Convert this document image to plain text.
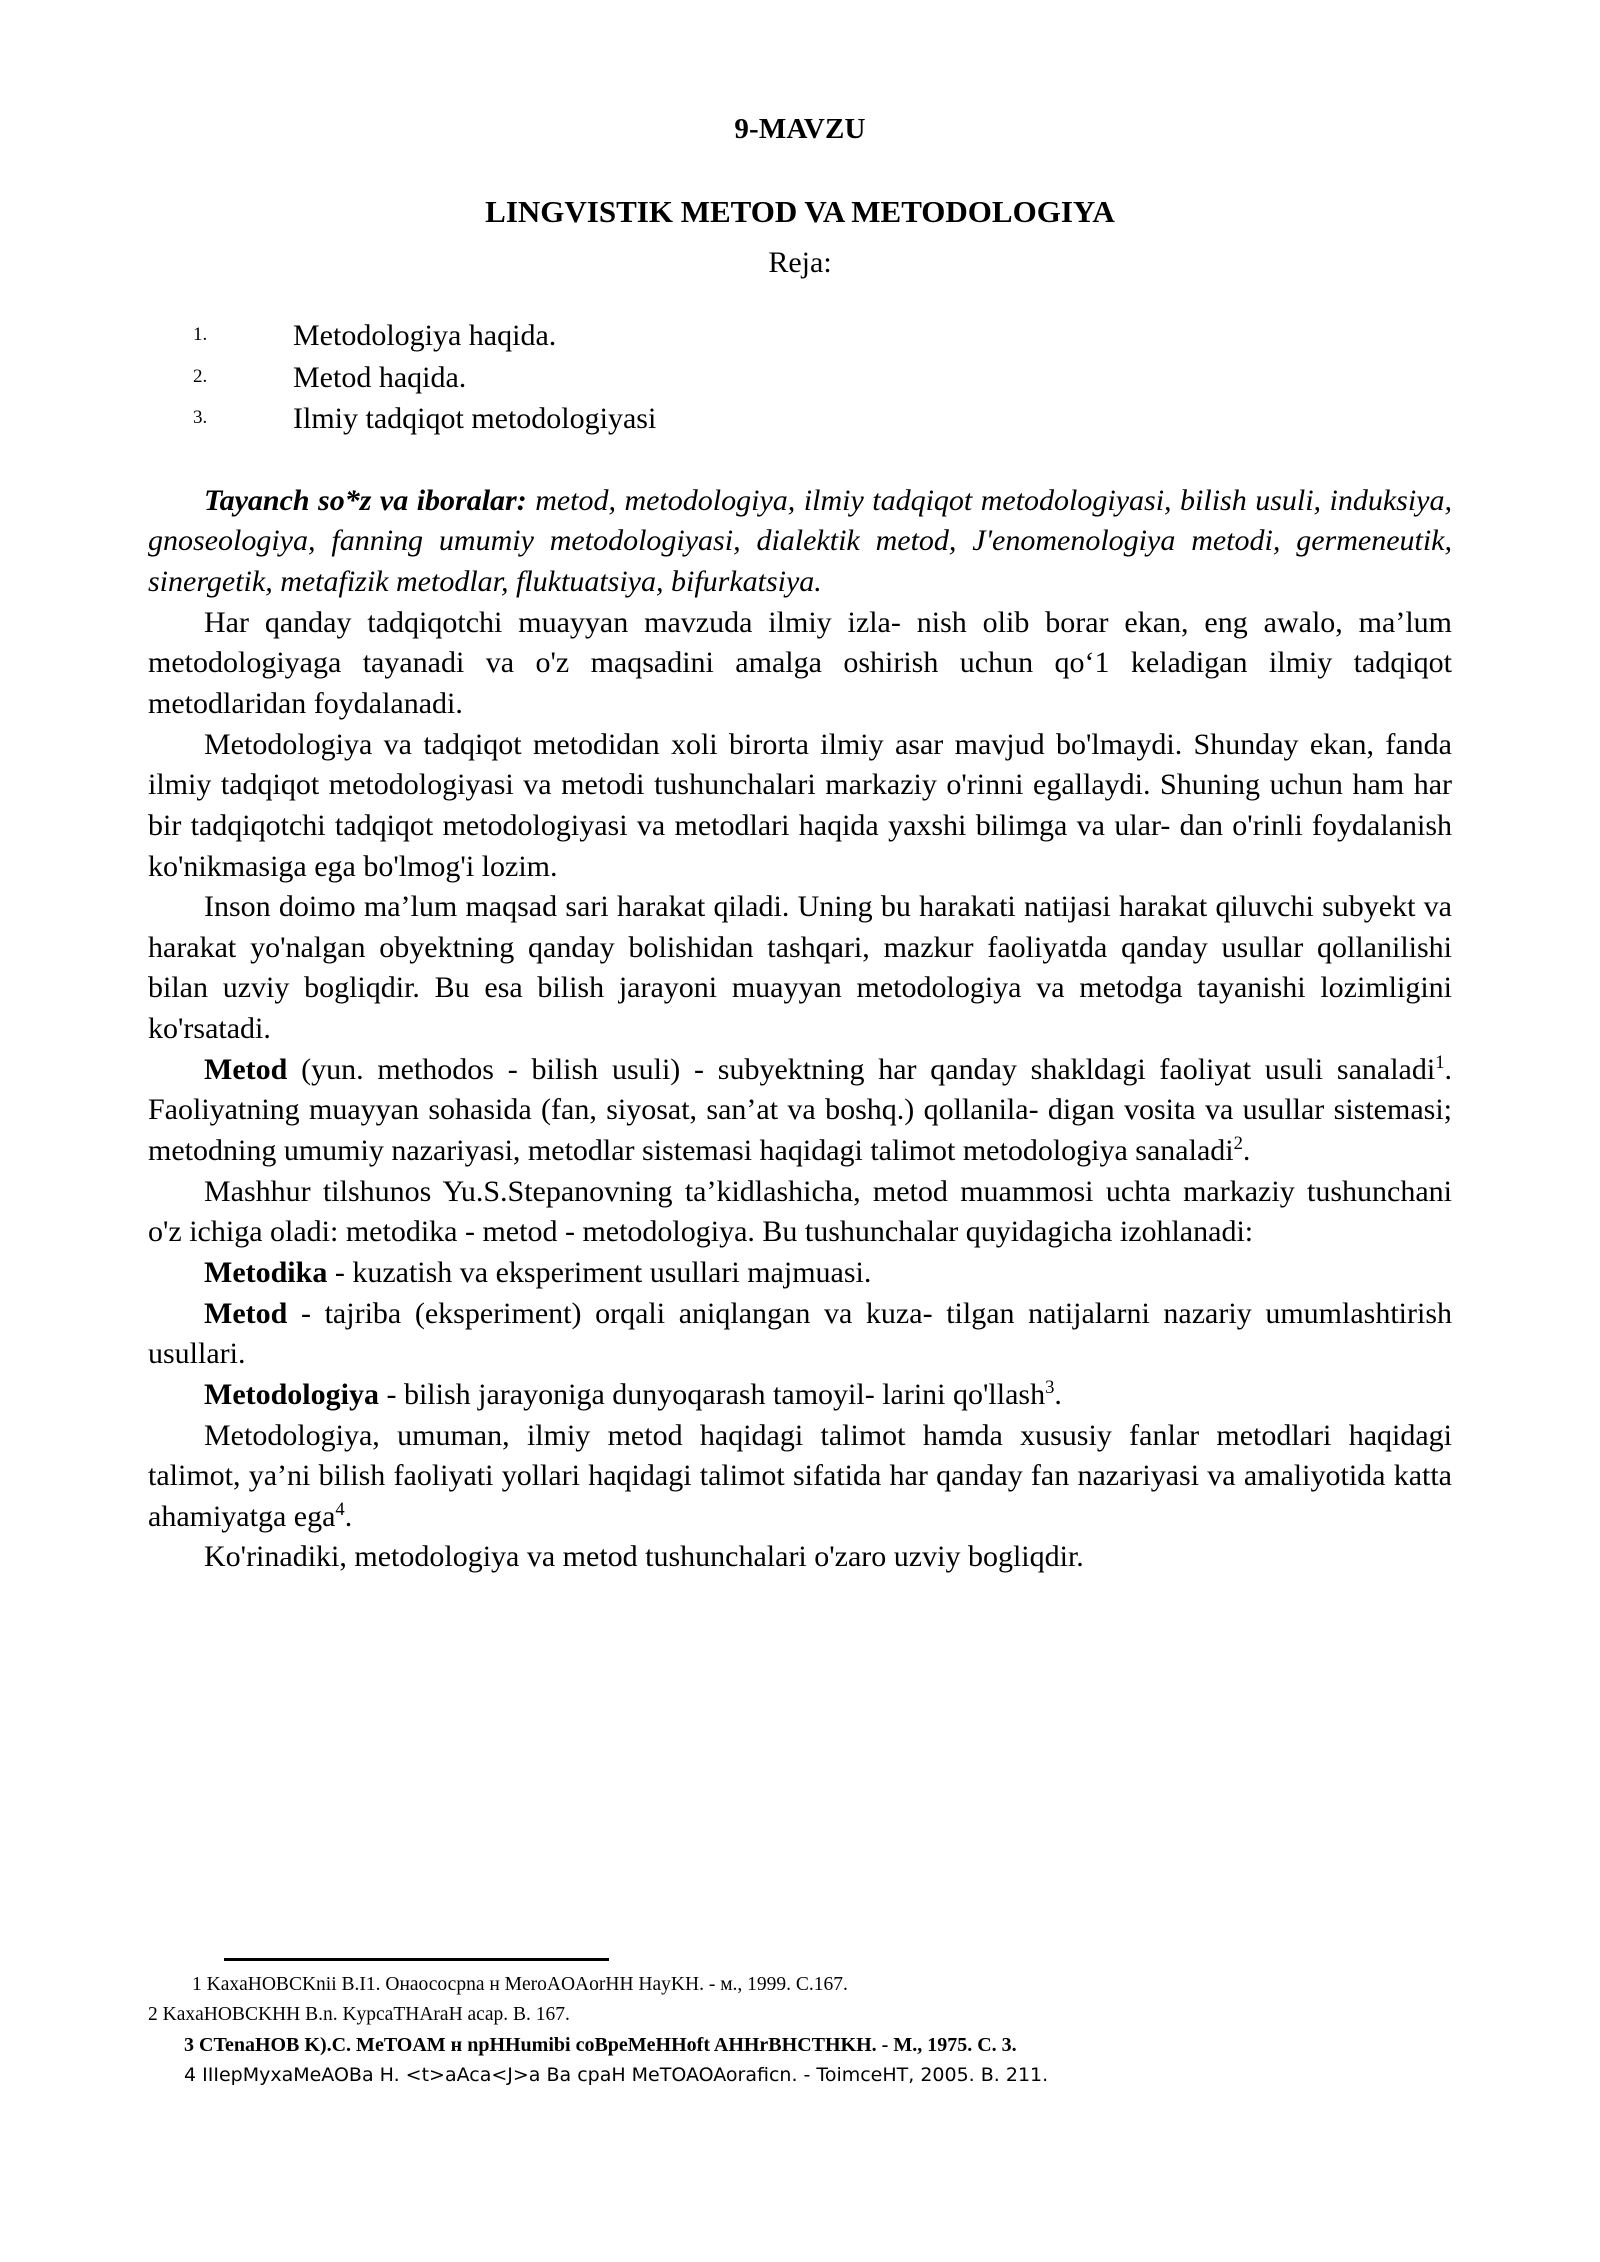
9-MAVZU
LINGVISTIK METOD VA METODOLOGIYA
Reja:
1.	Metodologiya haqida.
2.	Metod haqida.
3.	Ilmiy tadqiqot metodologiyasi

Tayanch so*z va iboralar: metod, metodologiya, ilmiy tadqiqot metodologiyasi, bilish usuli, induksiya, gnoseologiya, fanning umumiy metodologiyasi, dialektik metod, J'enomenologiya metodi, germeneutik, sinergetik, metafizik metodlar, fluktuatsiya, bifurkatsiya.

Har qanday tadqiqotchi muayyan mavzuda ilmiy izla- nish olib borar ekan, eng awalo, ma’lum metodologiyaga tayanadi va o'z maqsadini amalga oshirish uchun qo‘1 keladigan ilmiy tadqiqot metodlaridan foydalanadi.

Metodologiya va tadqiqot metodidan xoli birorta ilmiy asar mavjud bo'lmaydi. Shunday ekan, fanda ilmiy tadqiqot metodologiyasi va metodi tushunchalari markaziy o'rinni egallaydi. Shuning uchun ham har bir tadqiqotchi tadqiqot metodologiyasi va metodlari haqida yaxshi bilimga va ular- dan o'rinli foydalanish ko'nikmasiga ega bo'lmog'i lozim.

Inson doimo ma’lum maqsad sari harakat qiladi. Uning bu harakati natijasi harakat qiluvchi subyekt va harakat yo'nalgan obyektning qanday bolishidan tashqari, mazkur faoliyatda qanday usullar qollanilishi bilan uzviy bogliqdir. Bu esa bilish jarayoni muayyan metodologiya va metodga tayanishi lozimligini ko'rsatadi.

Metod (yun. methodos - bilish usuli) - subyektning har qanday shakldagi faoliyat usuli sanaladi$^1$. Faoliyatning muayyan sohasida (fan, siyosat, san’at va boshq.) qollanila- digan vosita va usullar sistemasi; metodning umumiy nazariyasi, metodlar sistemasi haqidagi talimot metodologiya sanaladi$^2$.

Mashhur tilshunos Yu.S.Stepanovning ta’kidlashicha, metod muammosi uchta markaziy tushunchani o'z ichiga oladi: metodika - metod - metodologiya. Bu tushunchalar quyidagicha izohlanadi:

Metodika - kuzatish va eksperiment usullari majmuasi.

Metod - tajriba (eksperiment) orqali aniqlangan va kuza- tilgan natijalarni nazariy umumlashtirish usullari.

Metodologiya - bilish jarayoniga dunyoqarash tamoyil- larini qo'llash$^3$.

Metodologiya, umuman, ilmiy metod haqidagi talimot hamda xususiy fanlar metodlari haqidagi talimot, ya’ni bilish faoliyati yollari haqidagi talimot sifatida har qanday fan nazariyasi va amaliyotida katta ahamiyatga ega$^4$.

Ko'rinadiki, metodologiya va metod tushunchalari o'zaro uzviy bogliqdir.

1 KaxaHOBCKnii B.I1. Онаососрna н MeroAOAorHH HayKH. - м., 1999. C.167.

2 KaxaHOBCKHH B.n. KypcaTHAraH acap. B. 167.

3 CTenaHOB K).C. MeTOAM н npHHumibi coBpeMeHHoft AHHrBHCTHKH. - M., 1975. C. 3.

4 IIIepMyxaMeAOBa H. <t>aAca<J>a Ba cpaH MeTOAOAoraficn. - ToimceHT, 2005. B. 211.
